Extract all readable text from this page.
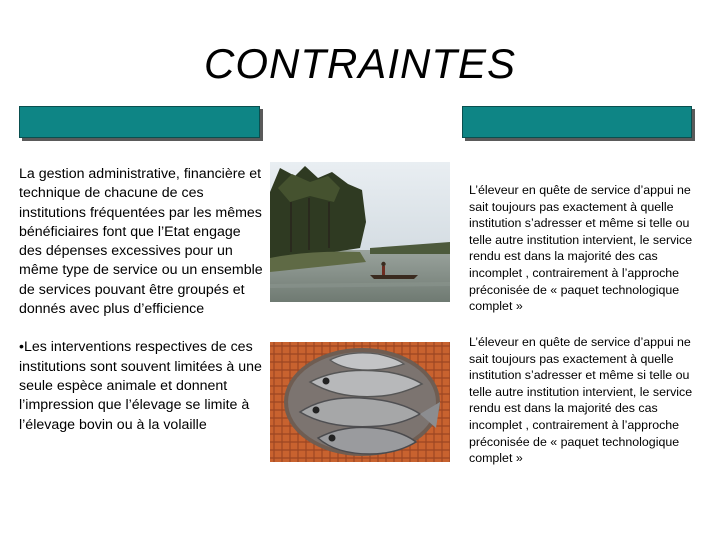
CONTRAINTES

La gestion administrative, financière et technique de chacune de ces institutions fréquentées par les mêmes bénéficiaires font que l’Etat engage des dépenses excessives pour un même type de service ou un ensemble de services pouvant être groupés et donnés avec plus d’efficience

•Les interventions respectives de ces institutions sont souvent limitées à une seule espèce animale et donnent l’impression que l’élevage se limite à l’élevage bovin ou à la volaille

L’éleveur en quête de service d’appui ne sait toujours pas exactement à quelle institution s’adresser et même si telle ou telle autre institution intervient, le service rendu est dans la majorité des cas incomplet , contrairement à l’approche préconisée de « paquet technologique complet »
L’éleveur en quête de service d’appui ne sait toujours pas exactement à quelle institution s’adresser et même si telle ou telle autre institution intervient, le service rendu est dans la majorité des cas incomplet , contrairement à l’approche préconisée de « paquet technologique complet »
